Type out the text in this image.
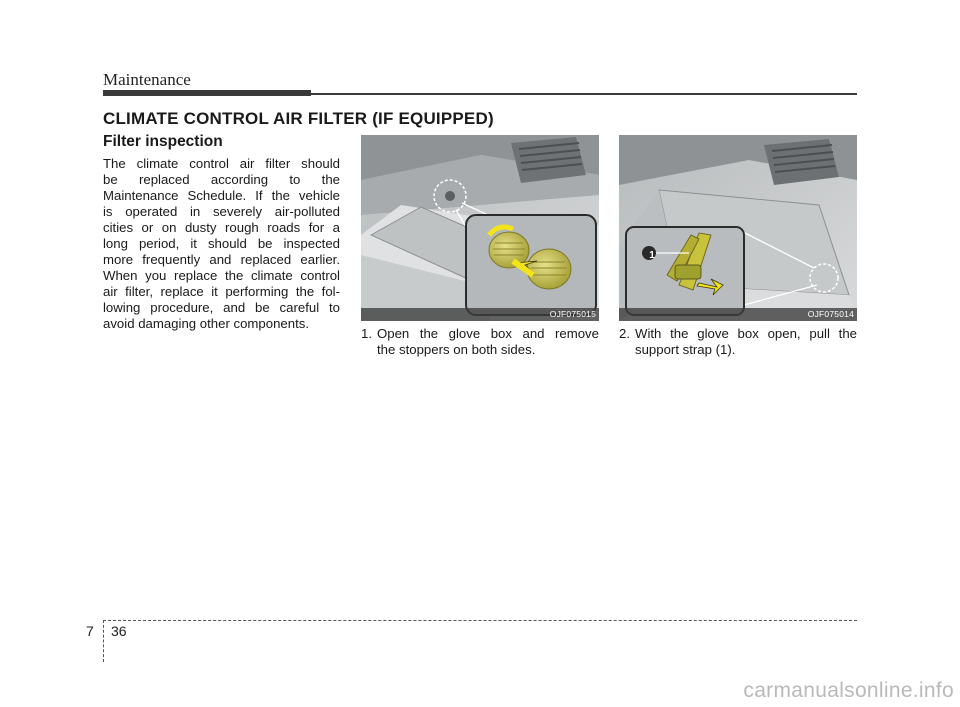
Maintenance
CLIMATE CONTROL AIR FILTER (IF EQUIPPED)
Filter inspection
The climate control air filter should
be replaced according to the
Maintenance Schedule. If the vehicle
is operated in severely air-polluted
cities or on dusty rough roads for a
long period, it should be inspected
more frequently and replaced earlier.
When you replace the climate control
air filter, replace it performing the fol-
lowing procedure, and be careful to
avoid damaging other components.
OJF075015
1
OJF075014
1. Open the glove box and remove
the stoppers on both sides.
2. With the glove box open, pull the
support strap (1).
7 36
carmanualsonline.info
